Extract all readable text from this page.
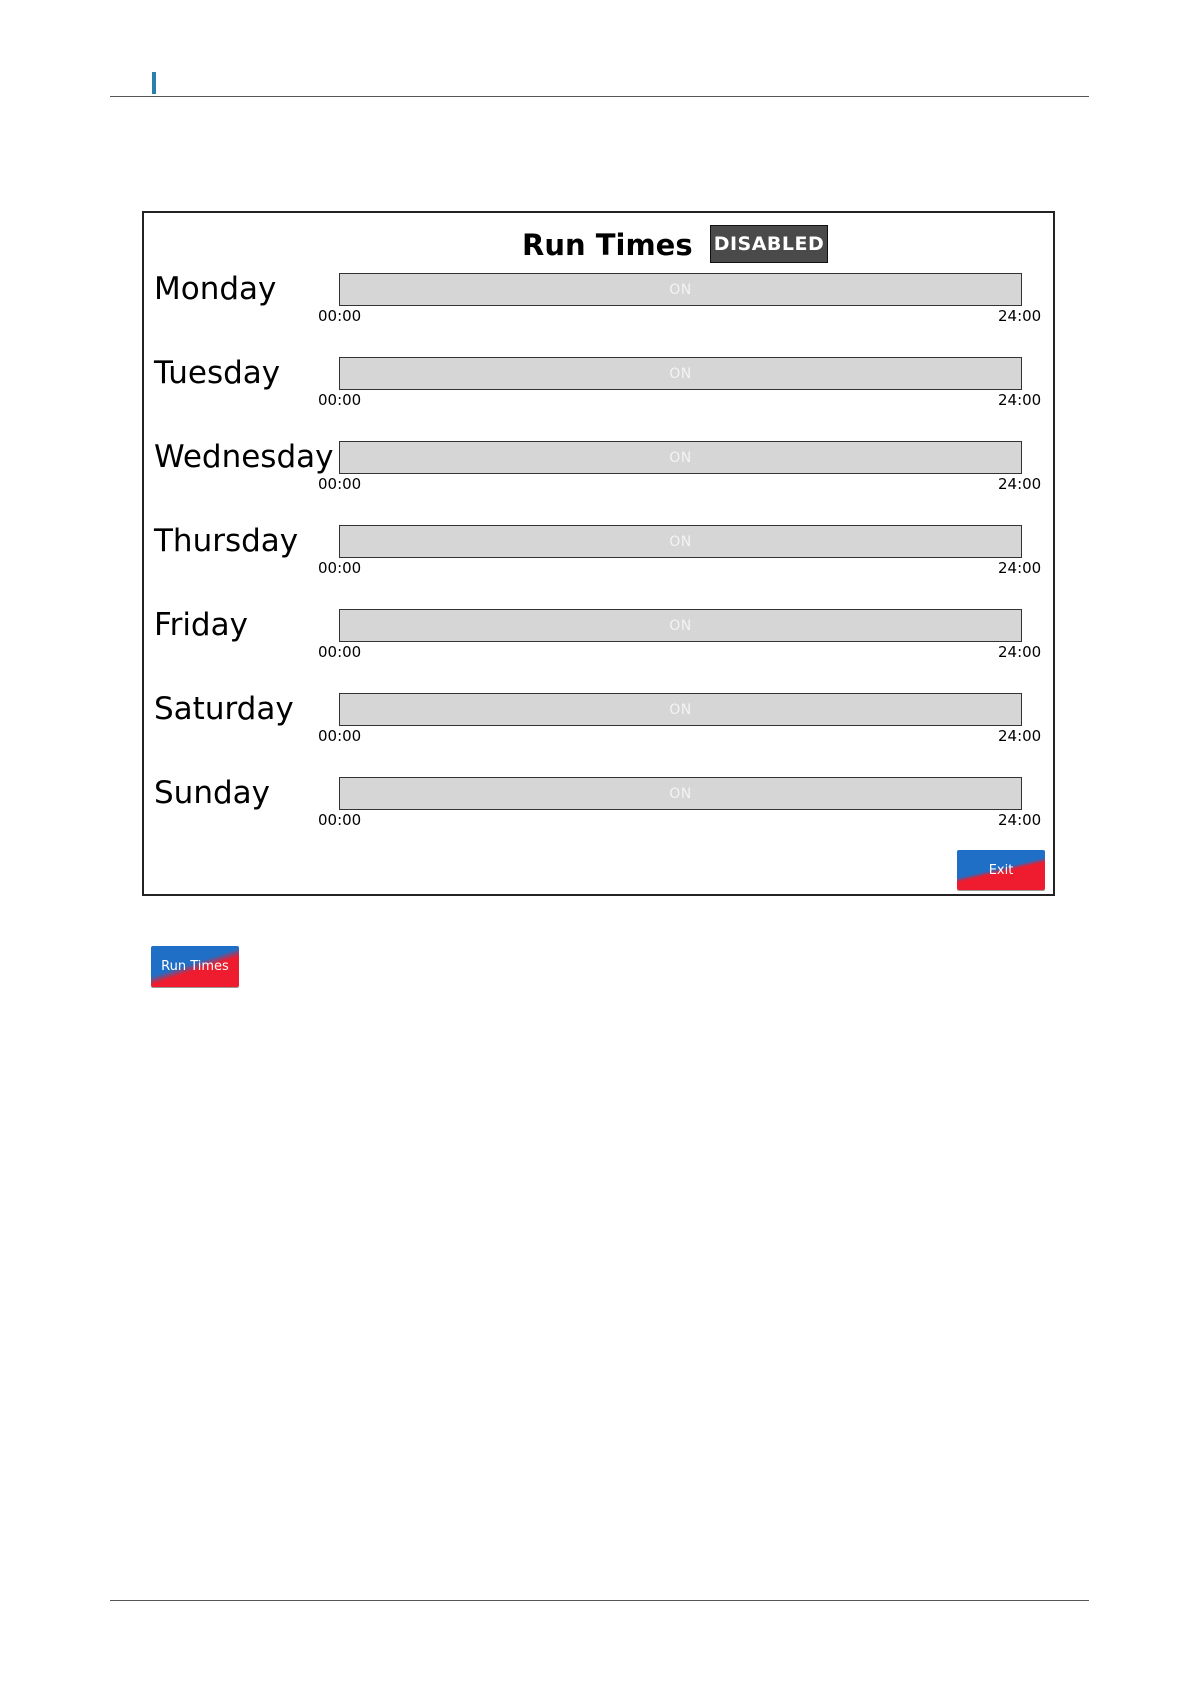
Run Times	DISABLED
Monday	ON
00:00	24:00
Tuesday	ON
00:00	24:00
Wednesday	ON
00:00	24:00
Thursday	ON
00:00	24:00
Friday	ON
00:00	24:00
Saturday	ON
00:00	24:00
Sunday	ON
00:00	24:00
Exit
Run Times
